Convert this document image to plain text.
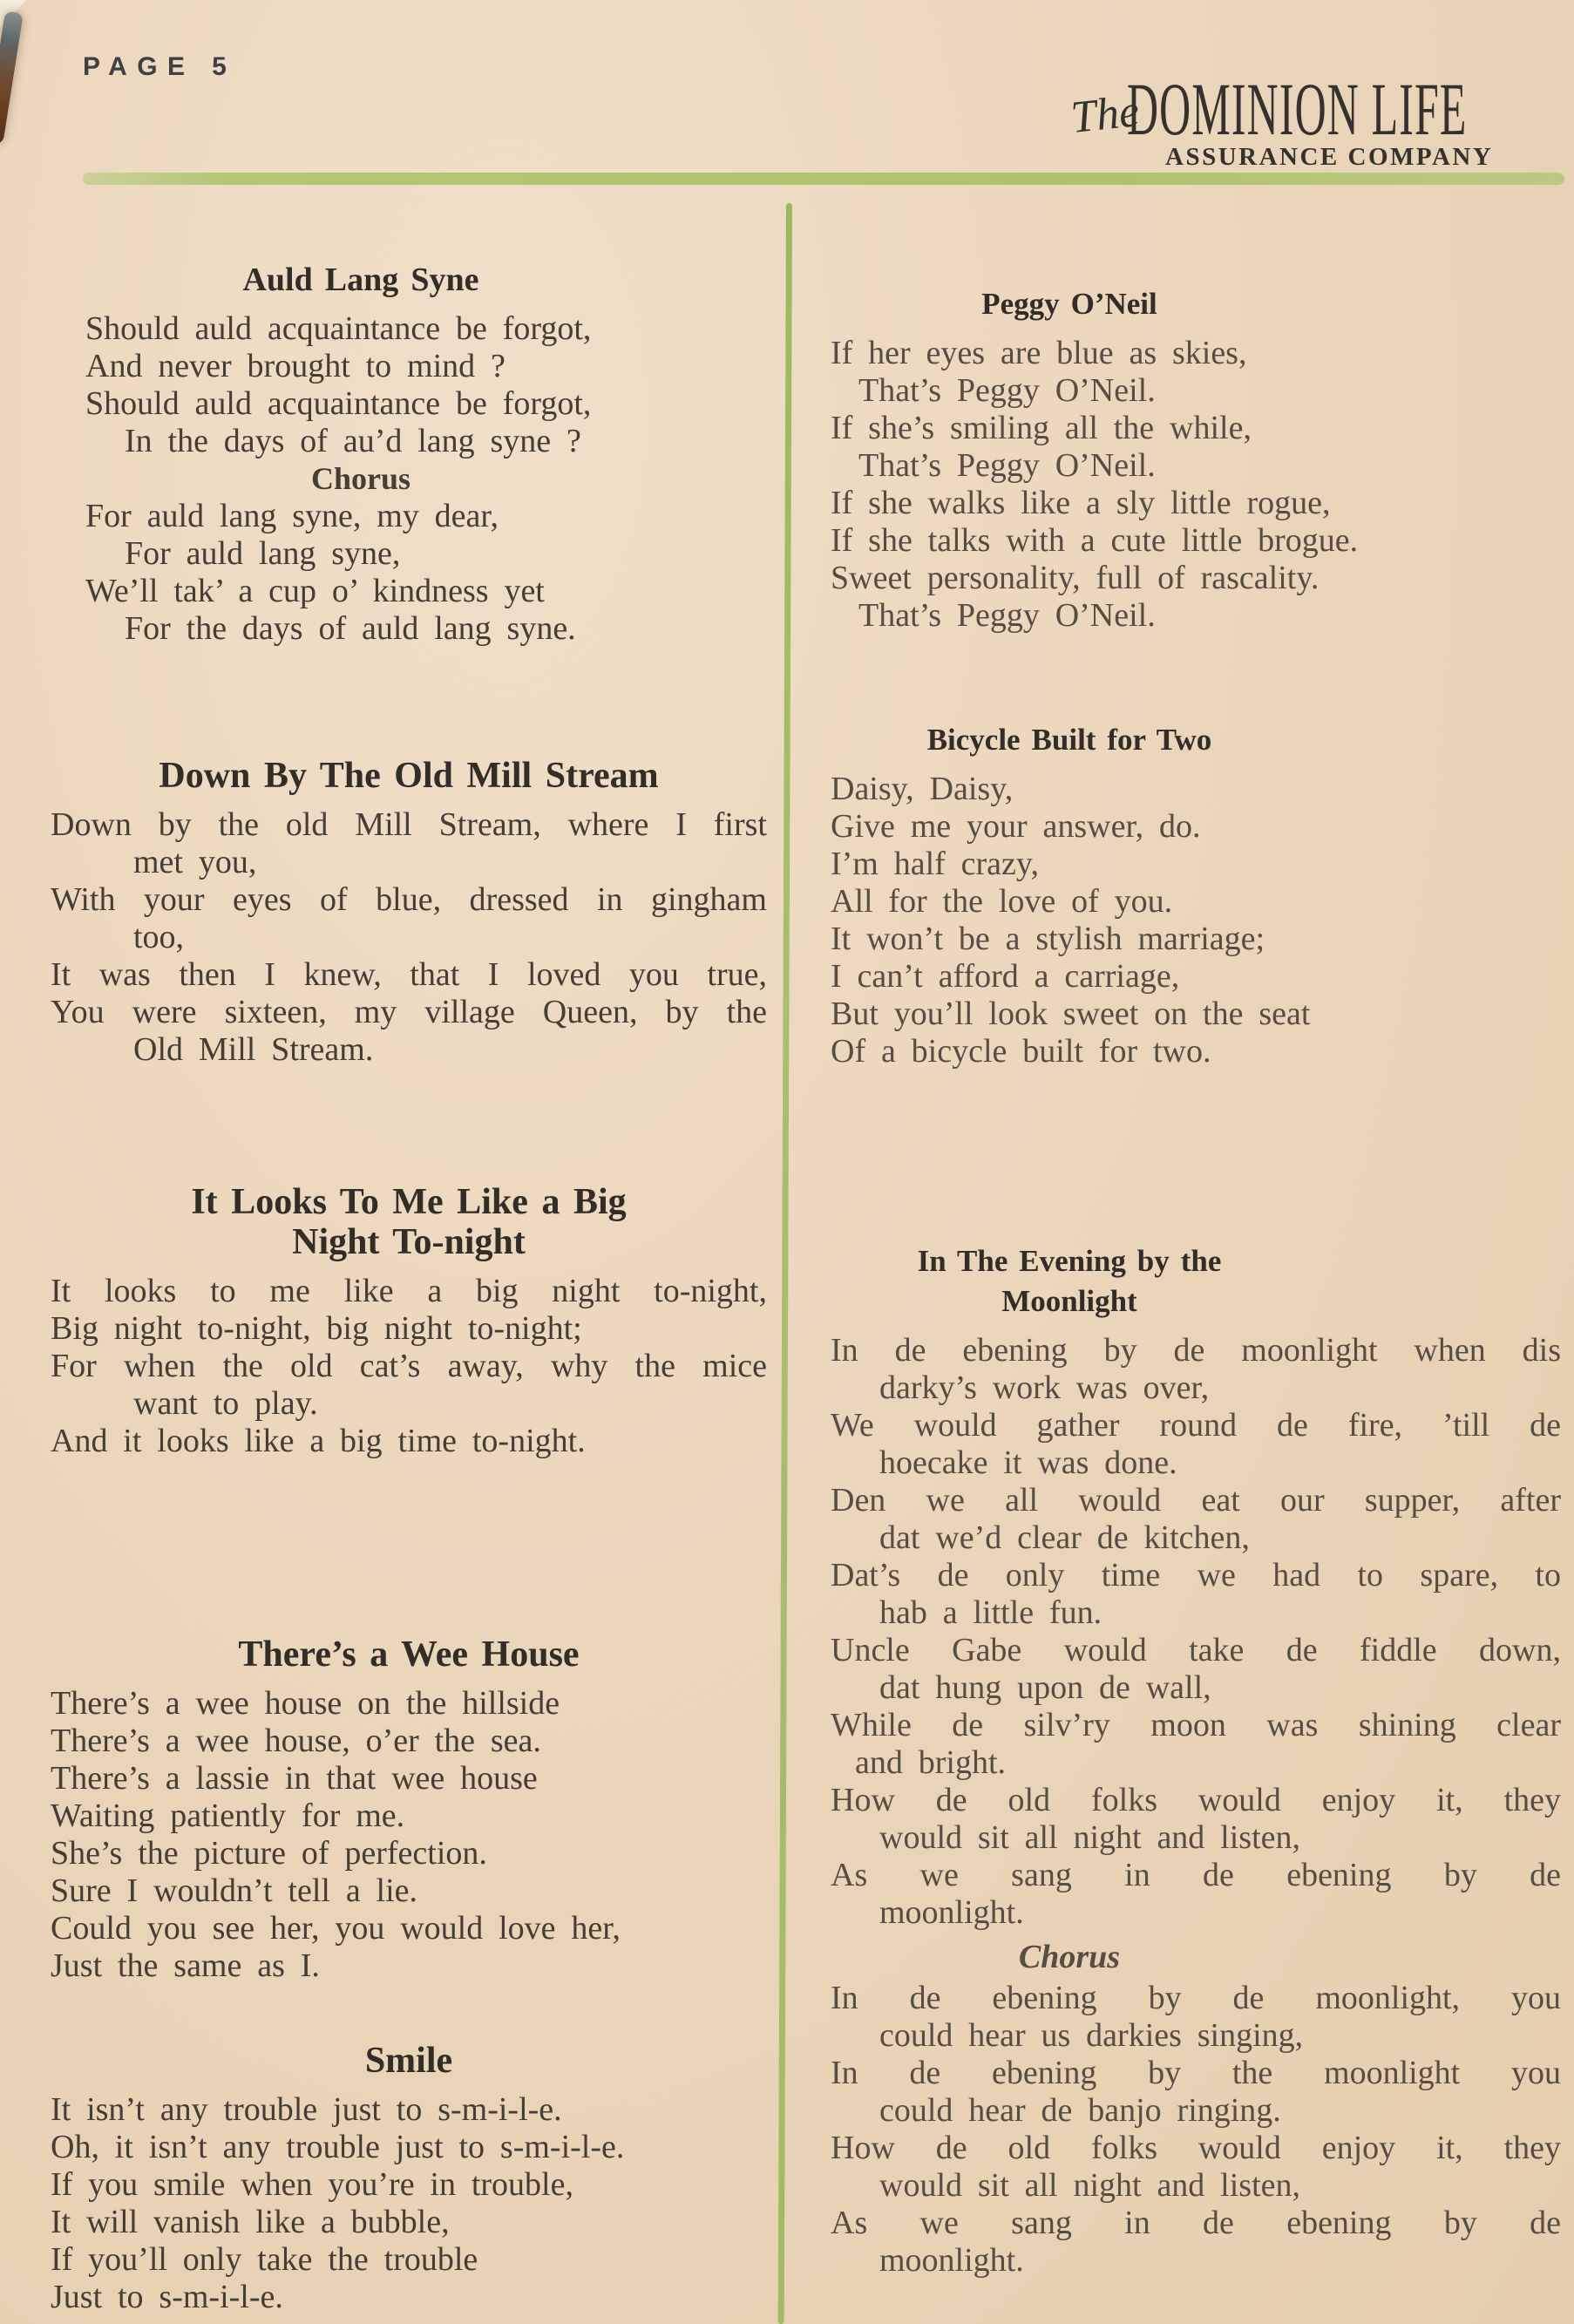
PAGE 5
The
DOMINION LIFE
ASSURANCE COMPANY
Auld Lang Syne
Should auld acquaintance be forgot,
And never brought to mind ?
Should auld acquaintance be forgot,
In the days of au’d lang syne ?
Chorus
For auld lang syne, my dear,
For auld lang syne,
We’ll tak’ a cup o’ kindness yet
For the days of auld lang syne.
Down By The Old Mill Stream
Down by the old Mill Stream, where I first
met you,
With your eyes of blue, dressed in gingham
too,
It was then I knew, that I loved you true,
You were sixteen, my village Queen, by the
Old Mill Stream.
It Looks To Me Like a Big
Night To-night
It looks to me like a big night to-night,
Big night to-night, big night to-night;
For when the old cat’s away, why the mice
want to play.
And it looks like a big time to-night.
There’s a Wee House
There’s a wee house on the hillside
There’s a wee house, o’er the sea.
There’s a lassie in that wee house
Waiting patiently for me.
She’s the picture of perfection.
Sure I wouldn’t tell a lie.
Could you see her, you would love her,
Just the same as I.
Smile
It isn’t any trouble just to s-m-i-l-e.
Oh, it isn’t any trouble just to s-m-i-l-e.
If you smile when you’re in trouble,
It will vanish like a bubble,
If you’ll only take the trouble
Just to s-m-i-l-e.
Peggy O’Neil
If her eyes are blue as skies,
That’s Peggy O’Neil.
If she’s smiling all the while,
That’s Peggy O’Neil.
If she walks like a sly little rogue,
If she talks with a cute little brogue.
Sweet personality, full of rascality.
That’s Peggy O’Neil.
Bicycle Built for Two
Daisy, Daisy,
Give me your answer, do.
I’m half crazy,
All for the love of you.
It won’t be a stylish marriage;
I can’t afford a carriage,
But you’ll look sweet on the seat
Of a bicycle built for two.
In The Evening by the
Moonlight
In de ebening by de moonlight when dis
darky’s work was over,
We would gather round de fire, ’till de
hoecake it was done.
Den we all would eat our supper, after
dat we’d clear de kitchen,
Dat’s de only time we had to spare, to
hab a little fun.
Uncle Gabe would take de fiddle down,
dat hung upon de wall,
While de silv’ry moon was shining clear
and bright.
How de old folks would enjoy it, they
would sit all night and listen,
As we sang in de ebening by de
moonlight.
Chorus
In de ebening by de moonlight, you
could hear us darkies singing,
In de ebening by the moonlight you
could hear de banjo ringing.
How de old folks would enjoy it, they
would sit all night and listen,
As we sang in de ebening by de
moonlight.
